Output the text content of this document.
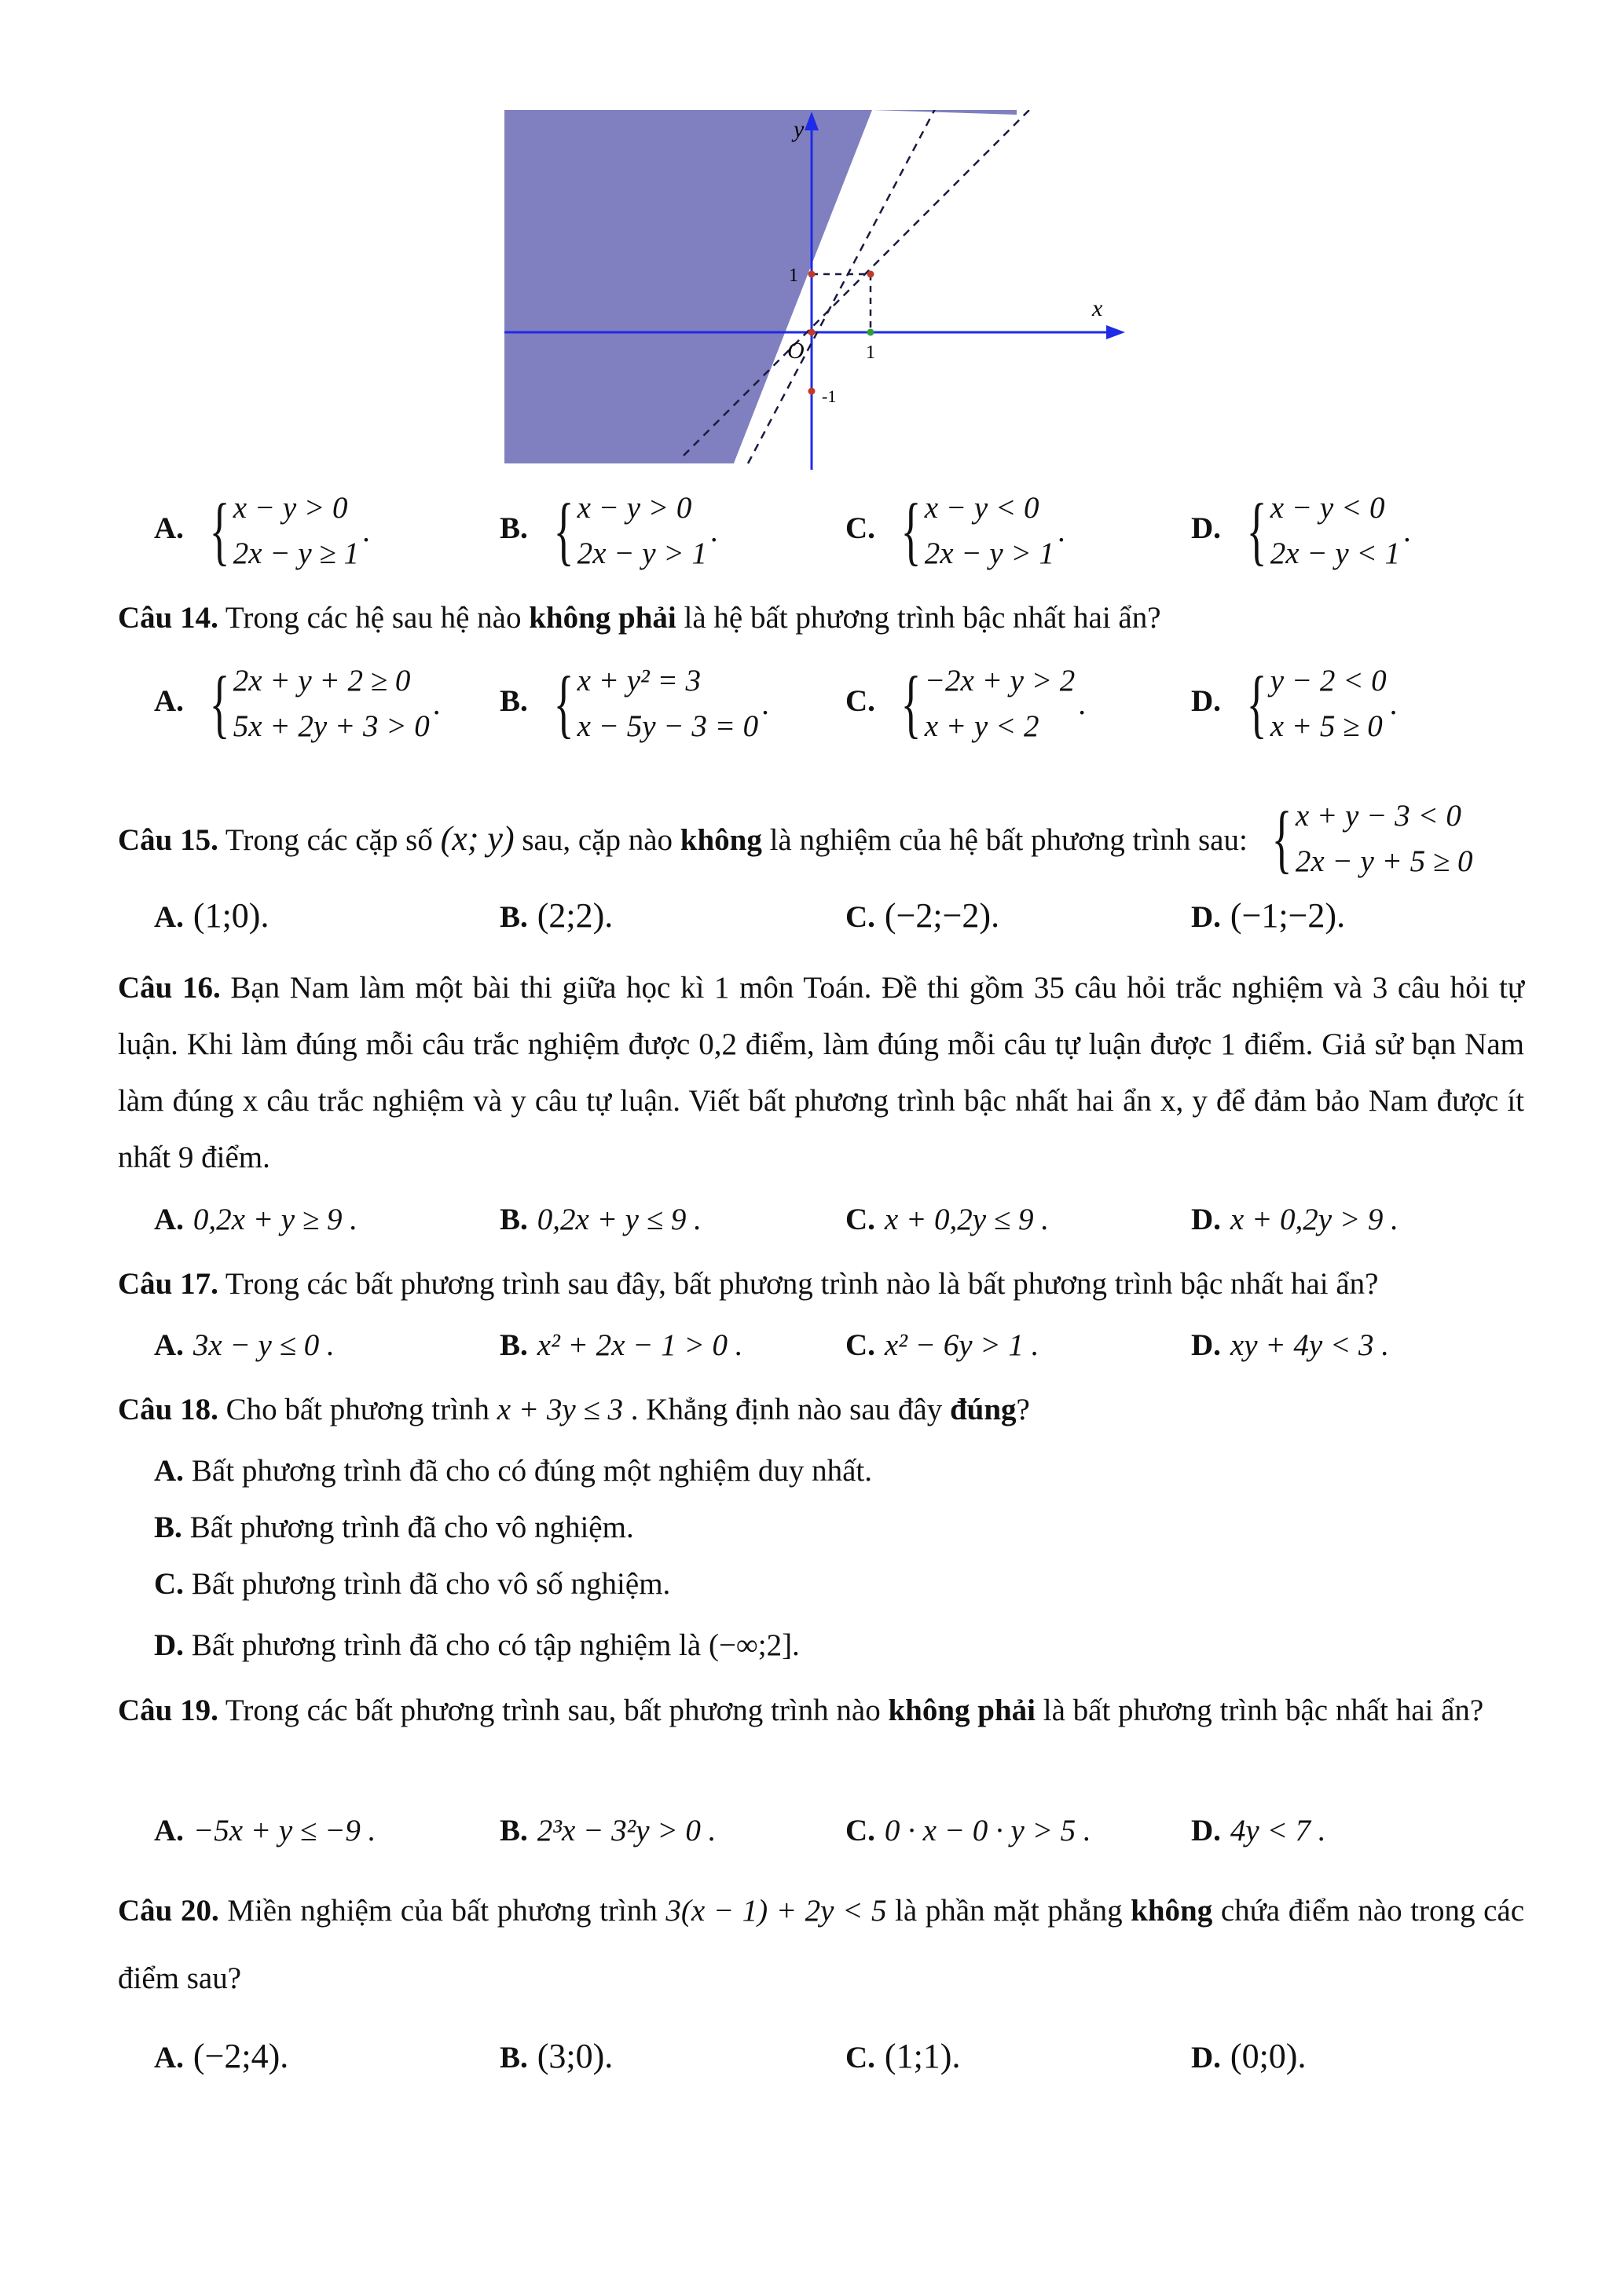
y
x
O
1
1
-1
A. { x − y > 0
2x − y ≥ 1
.	B. { x − y > 0
2x − y > 1
.	C. { x − y < 0
2x − y > 1
.	D. { x − y < 0
2x − y < 1
.
Câu 14. Trong các hệ sau hệ nào không phải là hệ bất phương trình bậc nhất hai ẩn?
A. { 2x + y + 2 ≥ 0
5x + 2y + 3 > 0
. B. { x + y² = 3
x − 5y − 3 = 0
. C. { −2x + y > 2
x + y < 2
.	D. { y − 2 < 0
x + 5 ≥ 0
.
Câu 15. Trong các cặp số (x; y) sau, cặp nào không là nghiệm của hệ bất phương trình sau: { x + y − 3 < 0
2x − y + 5 ≥ 0
A. (1;0).	B. (2;2).	C. (−2;−2).	D. (−1;−2).
Câu 16. Bạn Nam làm một bài thi giữa học kì 1 môn Toán. Đề thi gồm 35 câu hỏi trắc nghiệm và 3 câu hỏi tự luận. Khi làm đúng mỗi câu trắc nghiệm được 0,2 điểm, làm đúng mỗi câu tự luận được 1 điểm. Giả sử bạn Nam làm đúng x câu trắc nghiệm và y câu tự luận. Viết bất phương trình bậc nhất hai ẩn x, y để đảm bảo Nam được ít nhất 9 điểm.
A. 0,2x + y ≥ 9 .	B. 0,2x + y ≤ 9 .	C. x + 0,2y ≤ 9 .	D. x + 0,2y > 9 .
Câu 17. Trong các bất phương trình sau đây, bất phương trình nào là bất phương trình bậc nhất hai ẩn?
A. 3x − y ≤ 0 .	B. x² + 2x − 1 > 0 .	C. x² − 6y > 1 .	D. xy + 4y < 3 .
Câu 18. Cho bất phương trình x + 3y ≤ 3 . Khẳng định nào sau đây đúng?
A. Bất phương trình đã cho có đúng một nghiệm duy nhất.
B. Bất phương trình đã cho vô nghiệm.
C. Bất phương trình đã cho vô số nghiệm.
D. Bất phương trình đã cho có tập nghiệm là (−∞;2].
Câu 19. Trong các bất phương trình sau, bất phương trình nào không phải là bất phương trình bậc nhất hai ẩn?
A. −5x + y ≤ −9 .	B. 2³x − 3²y > 0 .	C. 0 · x − 0 · y > 5 .	D. 4y < 7 .
Câu 20. Miền nghiệm của bất phương trình 3(x − 1) + 2y < 5 là phần mặt phẳng không chứa điểm nào trong các điểm sau?
A. (−2;4).	B. (3;0).	C. (1;1).	D. (0;0).
